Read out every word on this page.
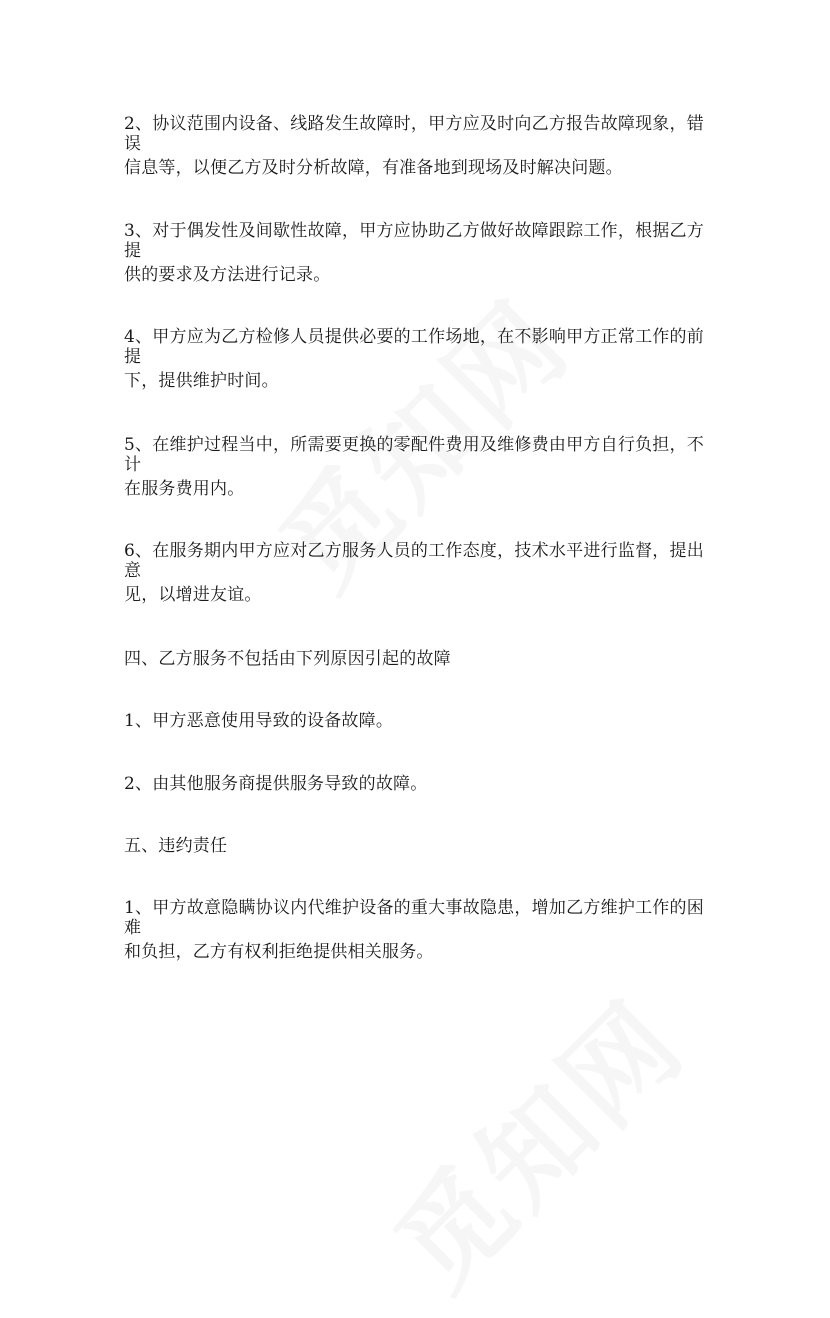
2、协议范围内设备、线路发生故障时，甲方应及时向乙方报告故障现象，错误
信息等，以便乙方及时分析故障，有准备地到现场及时解决问题。
3、对于偶发性及间歇性故障，甲方应协助乙方做好故障跟踪工作，根据乙方提
供的要求及方法进行记录。
4、甲方应为乙方检修人员提供必要的工作场地，在不影响甲方正常工作的前提
下，提供维护时间。
5、在维护过程当中，所需要更换的零配件费用及维修费由甲方自行负担，不计
在服务费用内。
6、在服务期内甲方应对乙方服务人员的工作态度，技术水平进行监督，提出意
见，以增进友谊。
四、乙方服务不包括由下列原因引起的故障
1、甲方恶意使用导致的设备故障。
2、由其他服务商提供服务导致的故障。
五、违约责任
1、甲方故意隐瞒协议内代维护设备的重大事故隐患，增加乙方维护工作的困难
和负担，乙方有权利拒绝提供相关服务。
